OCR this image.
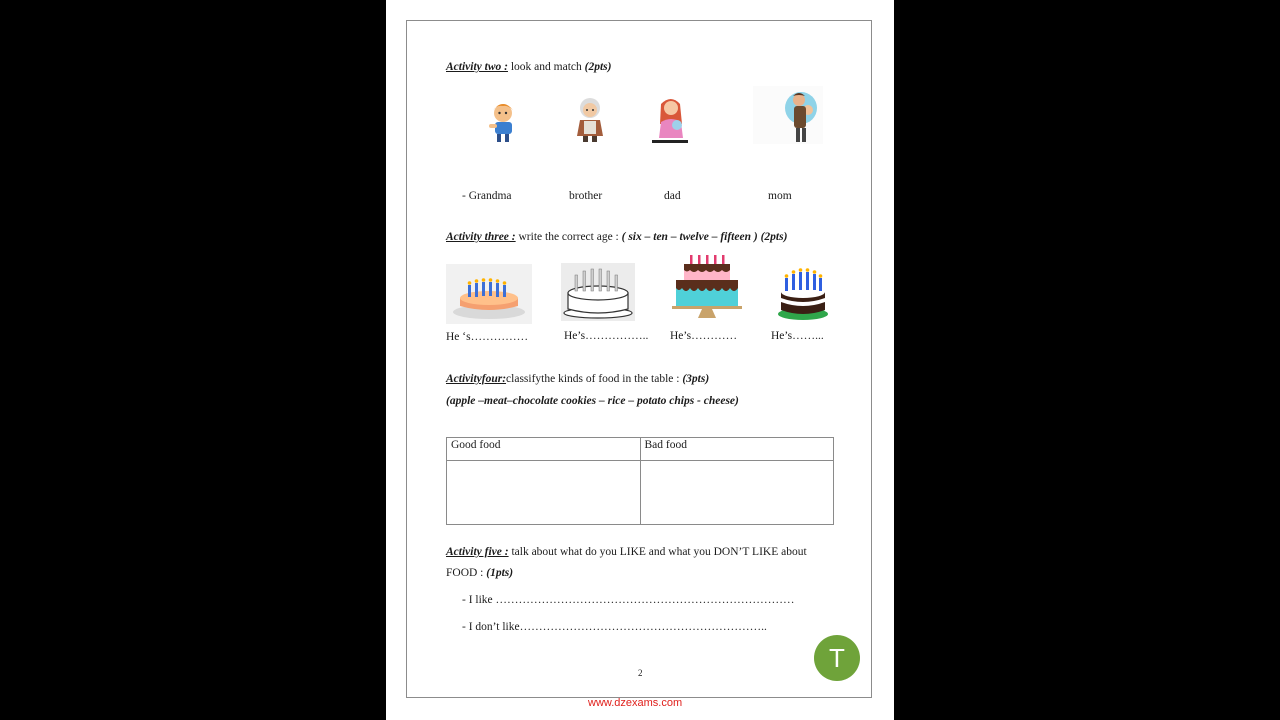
Activity two : look and match (2pts)
- Grandma	brother	dad	mom
Activity three : write the correct age : ( six – ten – twelve – fifteen ) (2pts)
He ‘s……………	He’s…………….. He’s…………	He’s……...
Activityfour:classifythe kinds of food in the table : (3pts)
(apple –meat–chocolate cookies – rice – potato chips - cheese)
Good food	Bad food

Activity five : talk about what do you LIKE and what you DON’T LIKE about
FOOD : (1pts)
- I like ……………………………………………………………………
- I don’t like………………………………………………………..
2
www.dzexams.com
T
